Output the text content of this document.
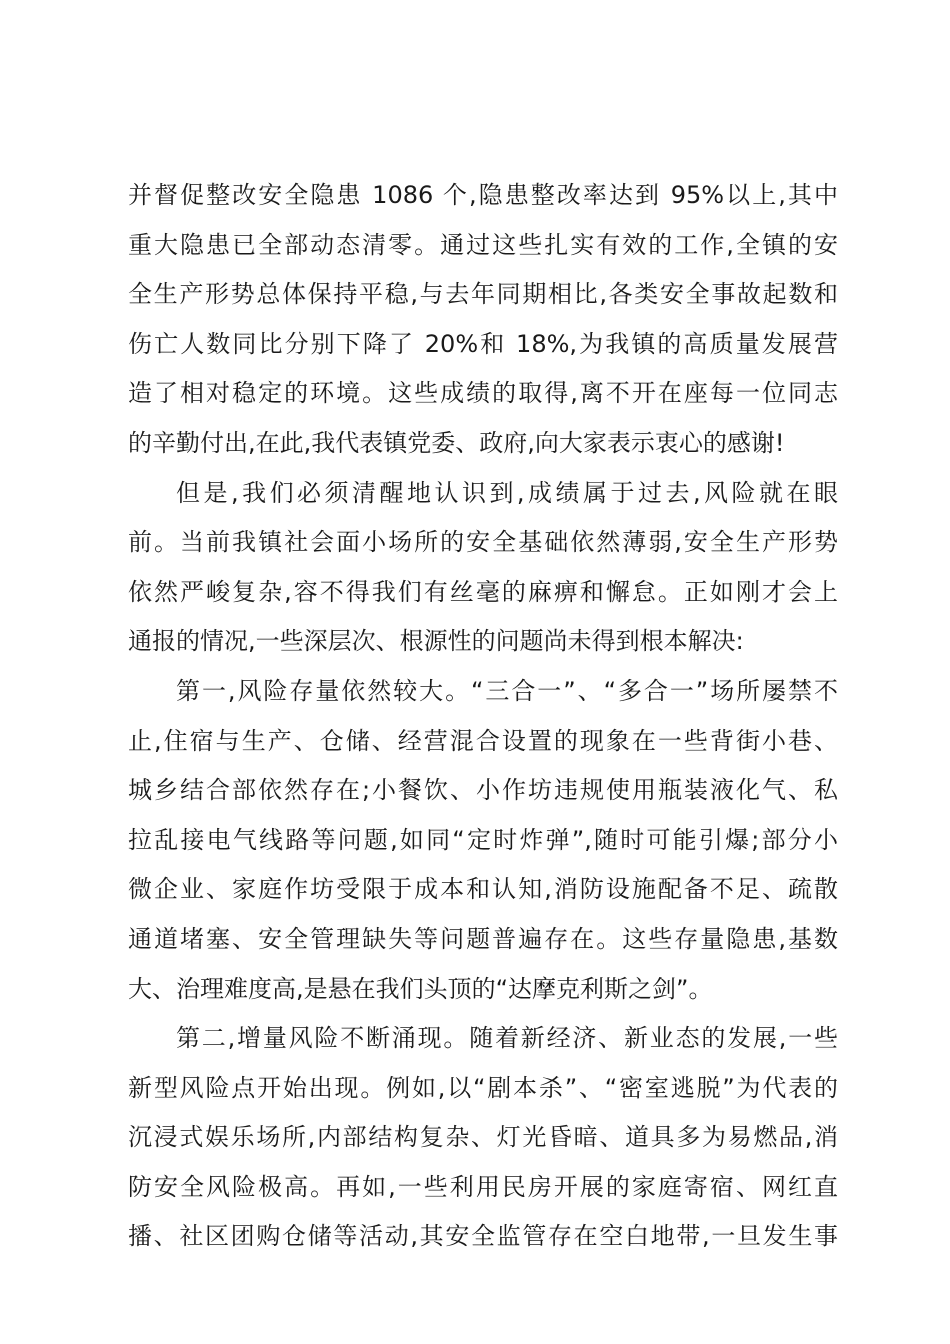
并督促整改安全隐患 1086 个,隐患整改率达到 95%以上,其中
重大隐患已全部动态清零。通过这些扎实有效的工作,全镇的安
全生产形势总体保持平稳,与去年同期相比,各类安全事故起数和
伤亡人数同比分别下降了 20%和 18%,为我镇的高质量发展营
造了相对稳定的环境。这些成绩的取得,离不开在座每一位同志
的辛勤付出,在此,我代表镇党委、政府,向大家表示衷心的感谢!
但是,我们必须清醒地认识到,成绩属于过去,风险就在眼
前。当前我镇社会面小场所的安全基础依然薄弱,安全生产形势
依然严峻复杂,容不得我们有丝毫的麻痹和懈怠。正如刚才会上
通报的情况,一些深层次、根源性的问题尚未得到根本解决:
第一,风险存量依然较大。“三合一”、“多合一”场所屡禁不
止,住宿与生产、仓储、经营混合设置的现象在一些背街小巷、
城乡结合部依然存在;小餐饮、小作坊违规使用瓶装液化气、私
拉乱接电气线路等问题,如同“定时炸弹”,随时可能引爆;部分小
微企业、家庭作坊受限于成本和认知,消防设施配备不足、疏散
通道堵塞、安全管理缺失等问题普遍存在。这些存量隐患,基数
大、治理难度高,是悬在我们头顶的“达摩克利斯之剑”。
第二,增量风险不断涌现。随着新经济、新业态的发展,一些
新型风险点开始出现。例如,以“剧本杀”、“密室逃脱”为代表的
沉浸式娱乐场所,内部结构复杂、灯光昏暗、道具多为易燃品,消
防安全风险极高。再如,一些利用民房开展的家庭寄宿、网红直
播、社区团购仓储等活动,其安全监管存在空白地带,一旦发生事
